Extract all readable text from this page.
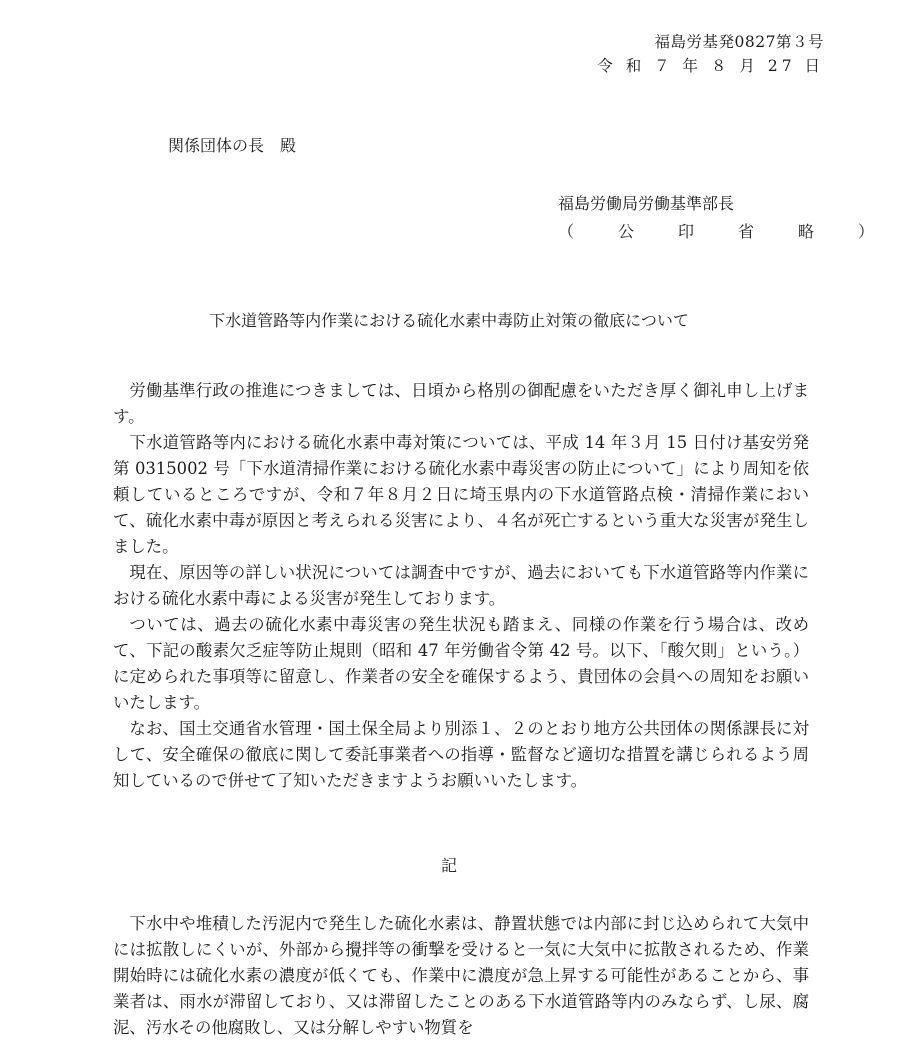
福島労基発0827第３号
令 和 ７ 年 ８ 月 27 日
関係団体の長　殿
福島労働局労働基準部長
（　公　印　省　略　）
下水道管路等内作業における硫化水素中毒防止対策の徹底について

労働基準行政の推進につきましては、日頃から格別の御配慮をいただき厚く御礼申し上げます。

下水道管路等内における硫化水素中毒対策については、平成 14 年３月 15 日付け基安労発第 0315002 号「下水道清掃作業における硫化水素中毒災害の防止について」により周知を依頼しているところですが、令和７年８月２日に埼玉県内の下水道管路点検・清掃作業において、硫化水素中毒が原因と考えられる災害により、４名が死亡するという重大な災害が発生しました。

現在、原因等の詳しい状況については調査中ですが、過去においても下水道管路等内作業における硫化水素中毒による災害が発生しております。

ついては、過去の硫化水素中毒災害の発生状況も踏まえ、同様の作業を行う場合は、改めて、下記の酸素欠乏症等防止規則（昭和 47 年労働省令第 42 号。以下、「酸欠則」という。）に定められた事項等に留意し、作業者の安全を確保するよう、貴団体の会員への周知をお願いいたします。

なお、国土交通省水管理・国土保全局より別添１、２のとおり地方公共団体の関係課長に対して、安全確保の徹底に関して委託事業者への指導・監督など適切な措置を講じられるよう周知しているので併せて了知いただきますようお願いいたします。

記

下水中や堆積した汚泥内で発生した硫化水素は、静置状態では内部に封じ込められて大気中には拡散しにくいが、外部から攪拌等の衝撃を受けると一気に大気中に拡散されるため、作業開始時には硫化水素の濃度が低くても、作業中に濃度が急上昇する可能性があることから、事業者は、雨水が滞留しており、又は滞留したことのある下水道管路等内のみならず、し尿、腐泥、汚水その他腐敗し、又は分解しやすい物質を
